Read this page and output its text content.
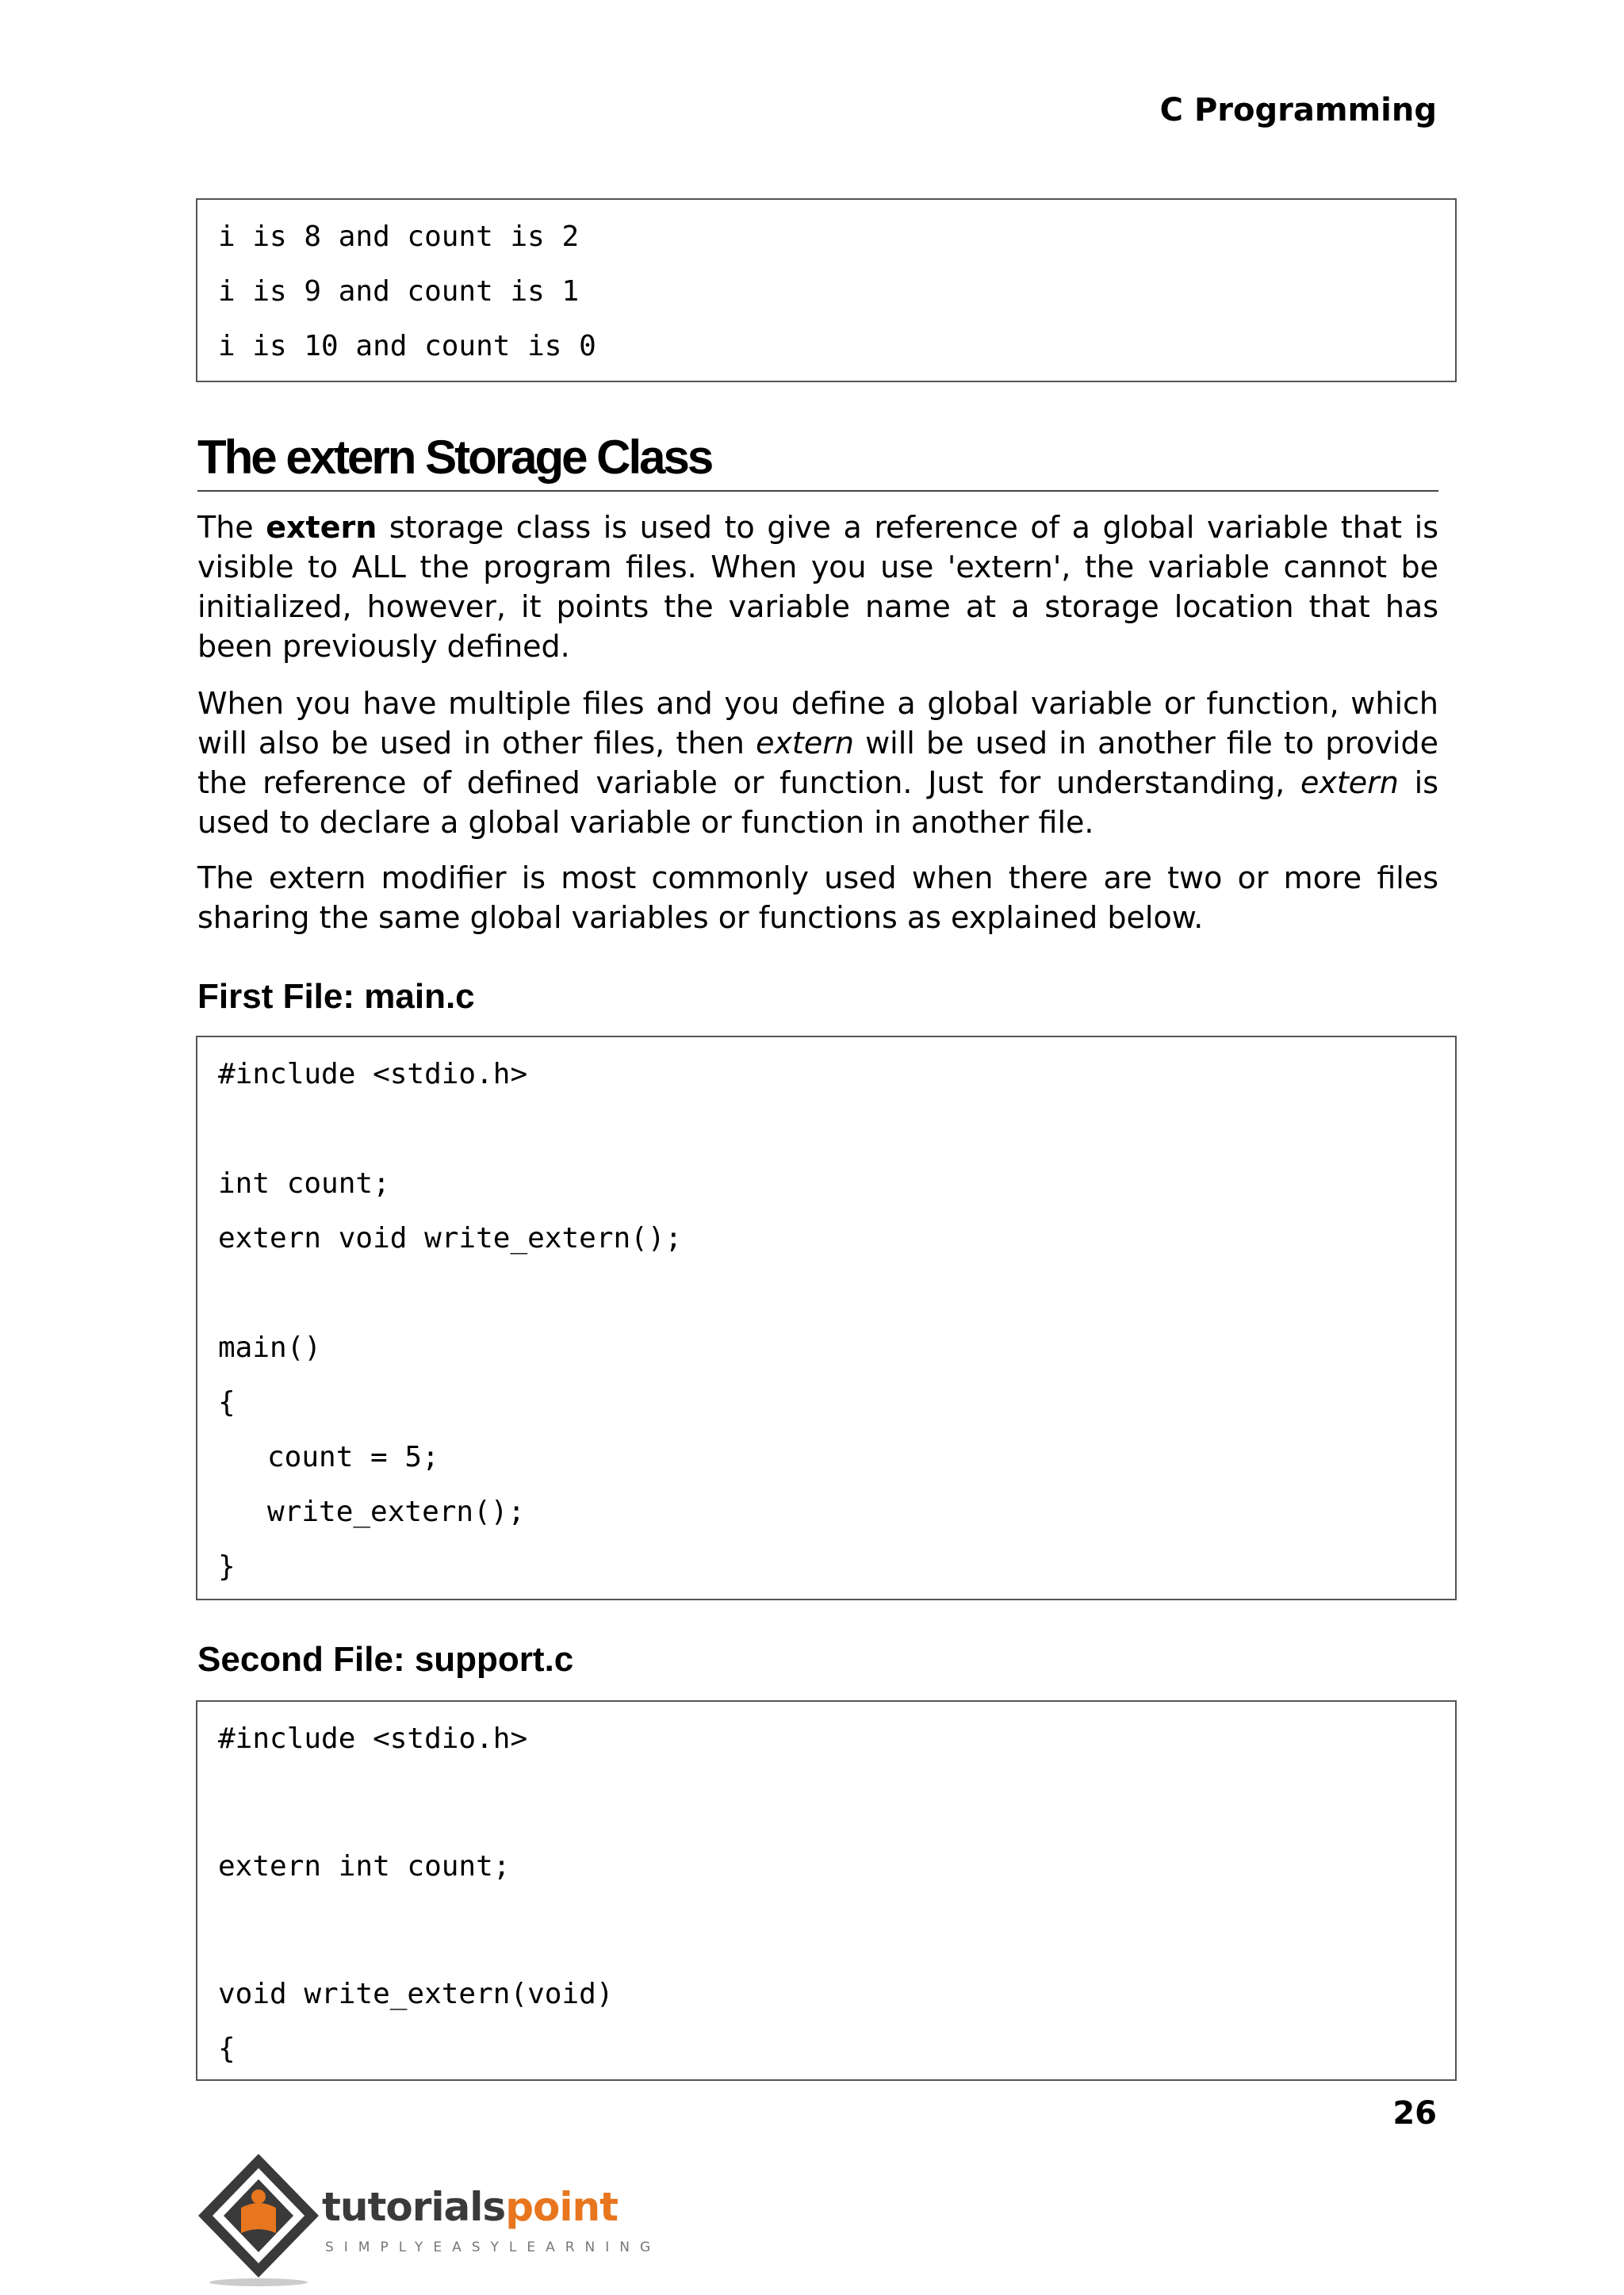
C Programming
i is 8 and count is 2
i is 9 and count is 1
i is 10 and count is 0
The extern Storage Class

The extern storage class is used to give a reference of a global variable that is visible to ALL the program files. When you use 'extern', the variable cannot be initialized, however, it points the variable name at a storage location that has been previously defined.

When you have multiple files and you define a global variable or function, which will also be used in other files, then extern will be used in another file to provide the reference of defined variable or function. Just for understanding, extern is used to declare a global variable or function in another file.

The extern modifier is most commonly used when there are two or more files sharing the same global variables or functions as explained below.

First File: main.c
#include <stdio.h>
int count;
extern void write_extern();
main()
{
count = 5;
write_extern();
}
Second File: support.c
#include <stdio.h>
extern int count;
void write_extern(void)
{
26
tutorialspoint
SIMPLYEASYLEARNING
